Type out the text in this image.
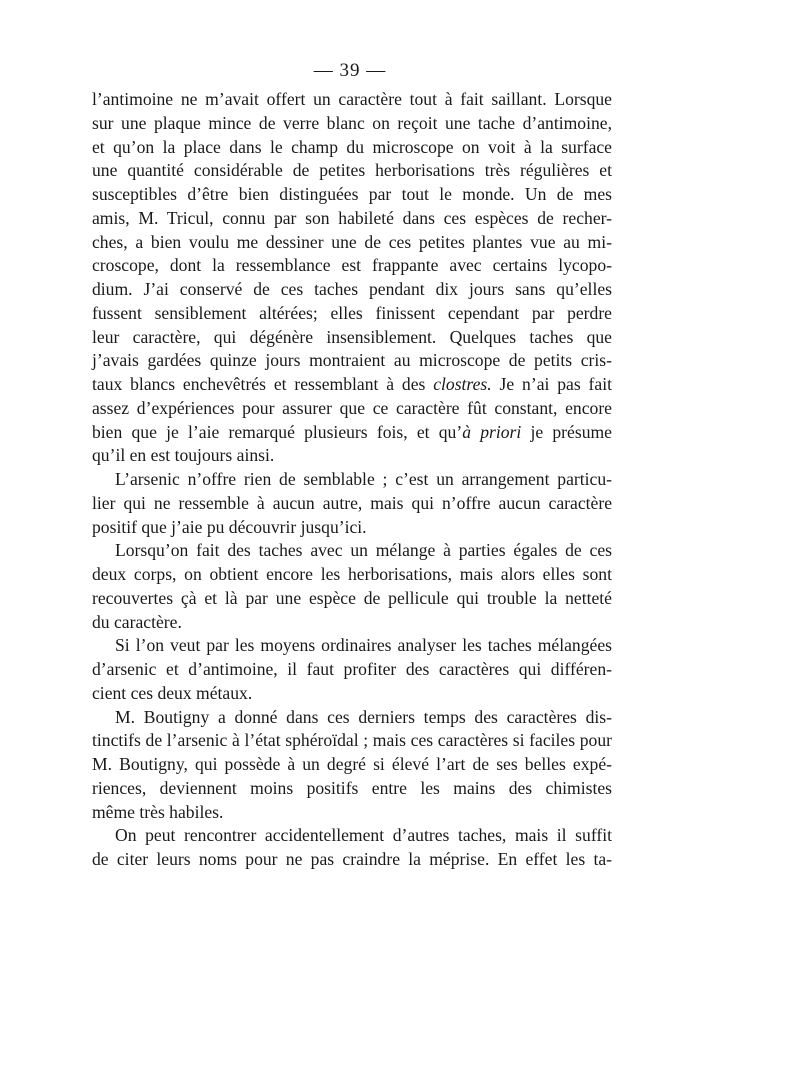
— 39 —
l’antimoine ne m’avait offert un caractère tout à fait saillant. Lorsque
sur une plaque mince de verre blanc on reçoit une tache d’antimoine,
et qu’on la place dans le champ du microscope on voit à la surface
une quantité considérable de petites herborisations très régulières et
susceptibles d’être bien distinguées par tout le monde. Un de mes
amis, M. Tricul, connu par son habileté dans ces espèces de recher-
ches, a bien voulu me dessiner une de ces petites plantes vue au mi-
croscope, dont la ressemblance est frappante avec certains lycopo-
dium. J’ai conservé de ces taches pendant dix jours sans qu’elles
fussent sensiblement altérées; elles finissent cependant par perdre
leur caractère, qui dégénère insensiblement. Quelques taches que
j’avais gardées quinze jours montraient au microscope de petits cris-
taux blancs enchevêtrés et ressemblant à des clostres. Je n’ai pas fait
assez d’expériences pour assurer que ce caractère fût constant, encore
bien que je l’aie remarqué plusieurs fois, et qu’à priori je présume
qu’il en est toujours ainsi.
L’arsenic n’offre rien de semblable ; c’est un arrangement particu-
lier qui ne ressemble à aucun autre, mais qui n’offre aucun caractère
positif que j’aie pu découvrir jusqu’ici.
Lorsqu’on fait des taches avec un mélange à parties égales de ces
deux corps, on obtient encore les herborisations, mais alors elles sont
recouvertes çà et là par une espèce de pellicule qui trouble la netteté
du caractère.
Si l’on veut par les moyens ordinaires analyser les taches mélangées
d’arsenic et d’antimoine, il faut profiter des caractères qui différen-
cient ces deux métaux.
M. Boutigny a donné dans ces derniers temps des caractères dis-
tinctifs de l’arsenic à l’état sphéroïdal ; mais ces caractères si faciles pour
M. Boutigny, qui possède à un degré si élevé l’art de ses belles expé-
riences, deviennent moins positifs entre les mains des chimistes
même très habiles.
On peut rencontrer accidentellement d’autres taches, mais il suffit
de citer leurs noms pour ne pas craindre la méprise. En effet les ta-
